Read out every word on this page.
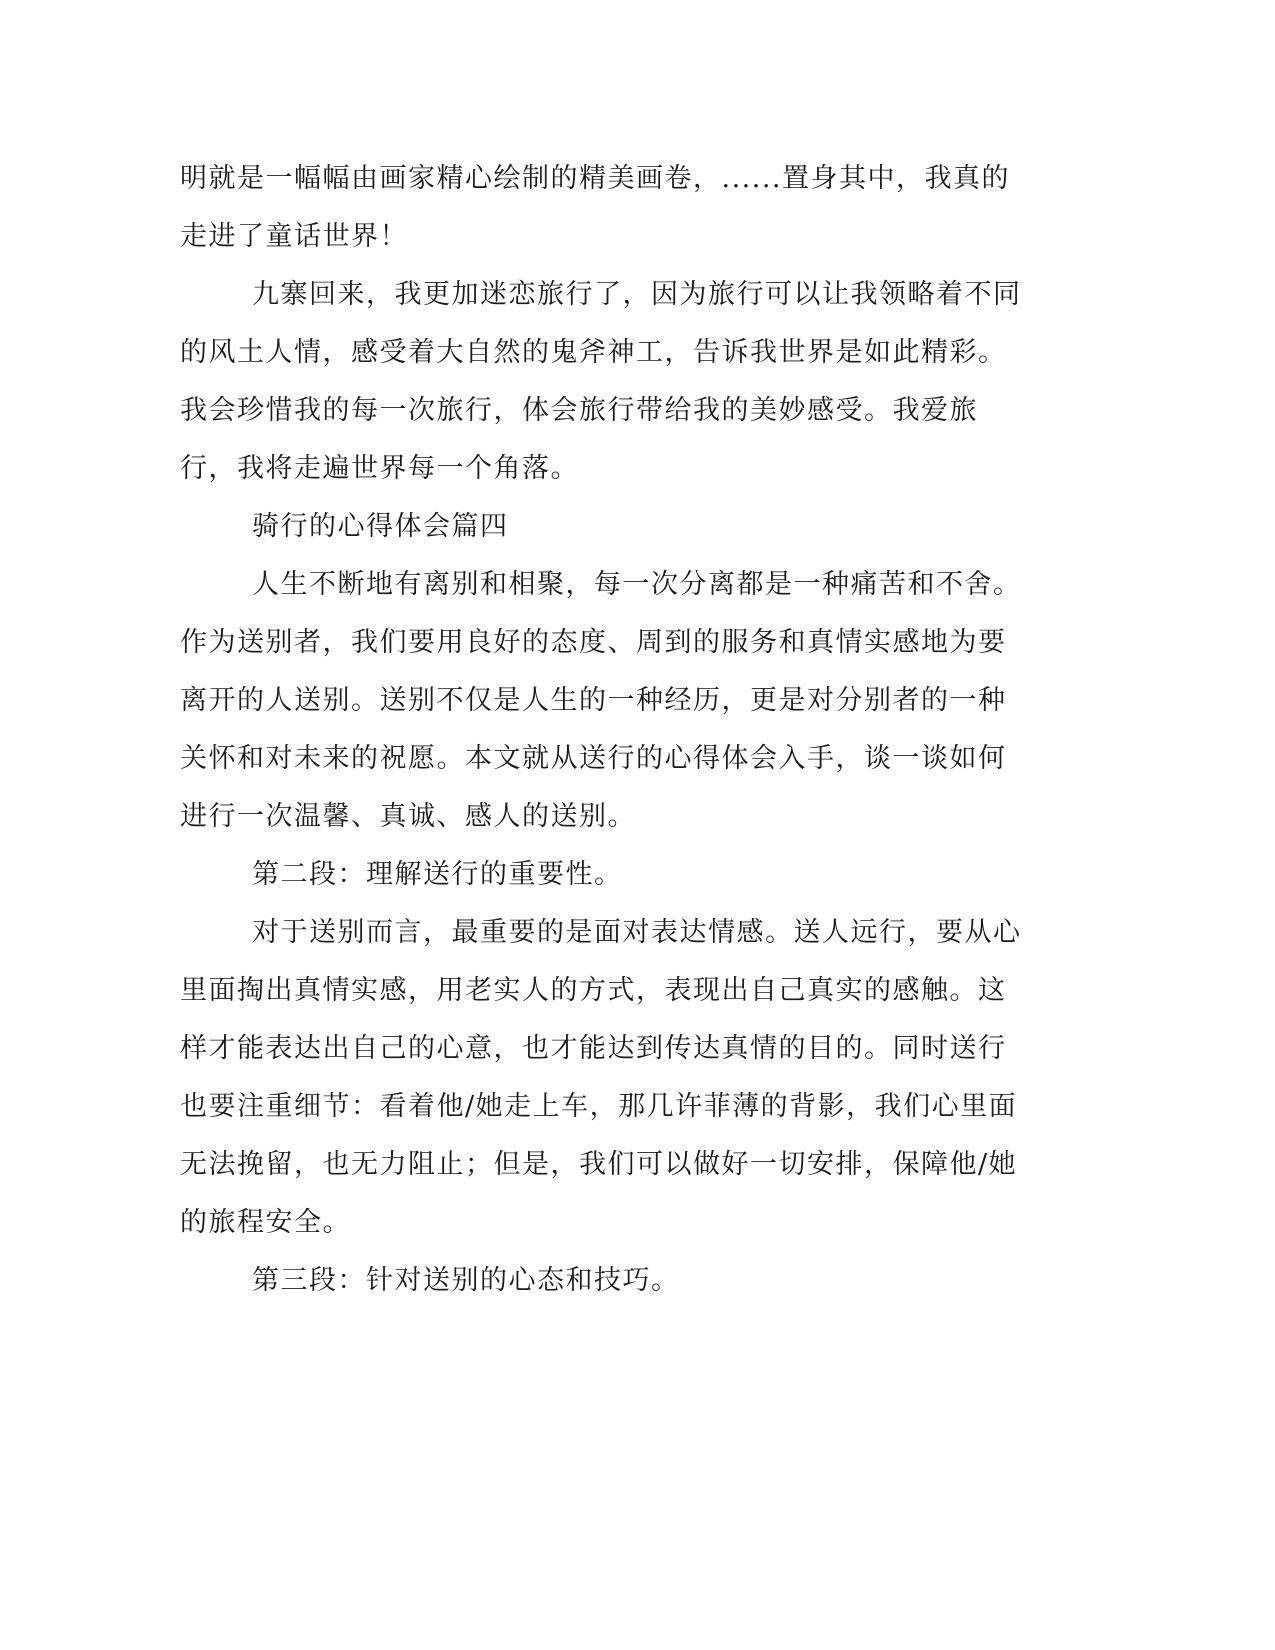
明就是一幅幅由画家精心绘制的精美画卷，......置身其中，我真的走进了童话世界！

九寨回来，我更加迷恋旅行了，因为旅行可以让我领略着不同的风土人情，感受着大自然的鬼斧神工，告诉我世界是如此精彩。我会珍惜我的每一次旅行，体会旅行带给我的美妙感受。我爱旅行，我将走遍世界每一个角落。

骑行的心得体会篇四

人生不断地有离别和相聚，每一次分离都是一种痛苦和不舍。作为送别者，我们要用良好的态度、周到的服务和真情实感地为要离开的人送别。送别不仅是人生的一种经历，更是对分别者的一种关怀和对未来的祝愿。本文就从送行的心得体会入手，谈一谈如何进行一次温馨、真诚、感人的送别。

第二段：理解送行的重要性。

对于送别而言，最重要的是面对表达情感。送人远行，要从心里面掏出真情实感，用老实人的方式，表现出自己真实的感触。这样才能表达出自己的心意，也才能达到传达真情的目的。同时送行也要注重细节：看着他/她走上车，那几许菲薄的背影，我们心里面无法挽留，也无力阻止；但是，我们可以做好一切安排，保障他/她的旅程安全。

第三段：针对送别的心态和技巧。
